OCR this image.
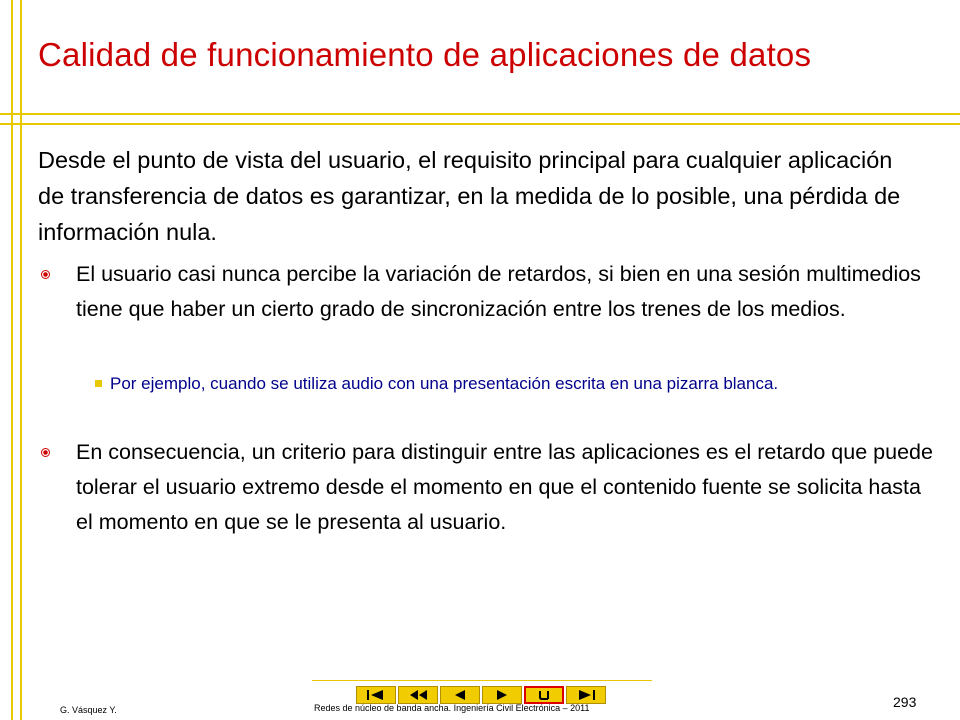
Calidad de funcionamiento de aplicaciones de datos

Desde el punto de vista del usuario, el requisito principal para cualquier aplicación de transferencia de datos es garantizar, en la medida de lo posible, una pérdida de información nula.

El usuario casi nunca percibe la variación de retardos, si bien en una sesión multimedios tiene que haber un cierto grado de sincronización entre los trenes de los medios.

Por ejemplo, cuando se utiliza audio con una presentación escrita en una pizarra blanca.

En consecuencia, un criterio para distinguir entre las aplicaciones es el retardo que puede tolerar el usuario extremo desde el momento en que el contenido fuente se solicita hasta el momento en que se le presenta al usuario.

G. Vásquez Y.	Redes de núcleo de banda ancha. Ingeniería Civil Electrónica – 2011	293
